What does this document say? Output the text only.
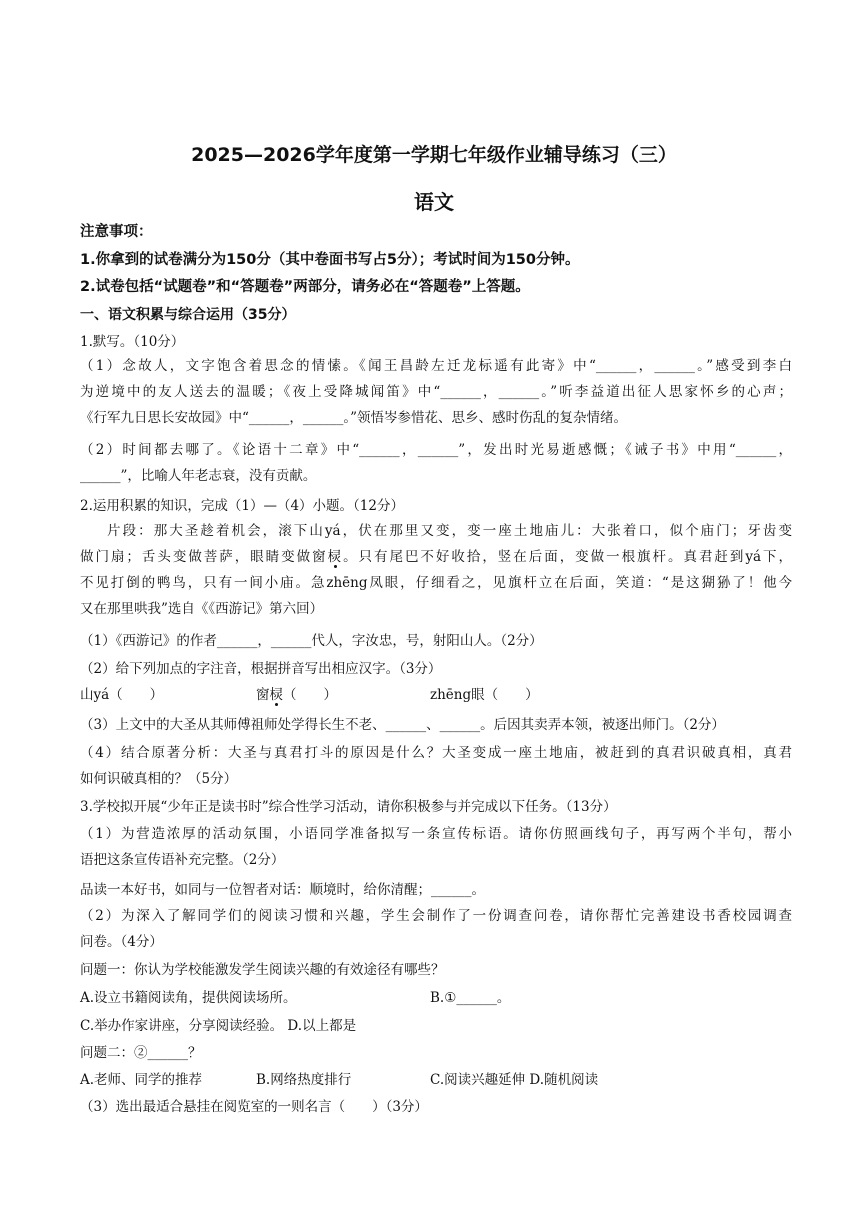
2025—2026学年度第一学期七年级作业辅导练习（三）
语文
注意事项：
1.你拿到的试卷满分为150分（其中卷面书写占5分）；考试时间为150分钟。
2.试卷包括“试题卷”和“答题卷”两部分，请务必在“答题卷”上答题。
一、语文积累与综合运用（35分）
1.默写。（10分）
（1）念故人，文字饱含着思念的情愫。《闻王昌龄左迁龙标遥有此寄》中“______，______。”感受到李白
为逆境中的友人送去的温暖；《夜上受降城闻笛》中“______，______。”听李益道出征人思家怀乡的心声；
《行军九日思长安故园》中“______，______。”领悟岑参惜花、思乡、感时伤乱的复杂情绪。
（2）时间都去哪了。《论语十二章》中“______，______”，发出时光易逝感慨；《诫子书》中用“______，
______”，比喻人年老志衰，没有贡献。
2.运用积累的知识，完成（1）—（4）小题。（12分）
片段：那大圣趁着机会，滚下山yá，伏在那里又变，变一座土地庙儿：大张着口，似个庙门；牙齿变
做门扇；舌头变做菩萨，眼睛变做窗棂。只有尾巴不好收拾，竖在后面，变做一根旗杆。真君赶到yá下，
不见打倒的鸭鸟，只有一间小庙。急zhēng凤眼，仔细看之，见旗杆立在后面，笑道：“是这猢狲了！他今
又在那里哄我”选自《《西游记》第六回）
（1）《西游记》的作者______，______代人，字汝忠，号，射阳山人。（2分）
（2）给下列加点的字注音，根据拼音写出相应汉字。（3分）
山yá（　　）	窗棂（　　）	zhēng眼（　　）
（3）上文中的大圣从其师傅祖师处学得长生不老、______、______。后因其卖弄本领，被逐出师门。（2分）
（4）结合原著分析：大圣与真君打斗的原因是什么？大圣变成一座土地庙，被赶到的真君识破真相，真君
如何识破真相的？（5分）
3.学校拟开展“少年正是读书时”综合性学习活动，请你积极参与并完成以下任务。（13分）
（1）为营造浓厚的活动氛围，小语同学准备拟写一条宣传标语。请你仿照画线句子，再写两个半句，帮小
语把这条宣传语补充完整。（2分）
品读一本好书，如同与一位智者对话：顺境时，给你清醒；______。
（2）为深入了解同学们的阅读习惯和兴趣，学生会制作了一份调查问卷，请你帮忙完善建设书香校园调查
问卷。（4分）
问题一：你认为学校能激发学生阅读兴趣的有效途径有哪些？
A.设立书籍阅读角，提供阅读场所。	B.①______。
C.举办作家讲座，分享阅读经验。 D.以上都是
问题二：②______？
A.老师、同学的推荐	B.网络热度排行	C.阅读兴趣延伸 D.随机阅读
（3）选出最适合悬挂在阅览室的一则名言（　　）（3分）
